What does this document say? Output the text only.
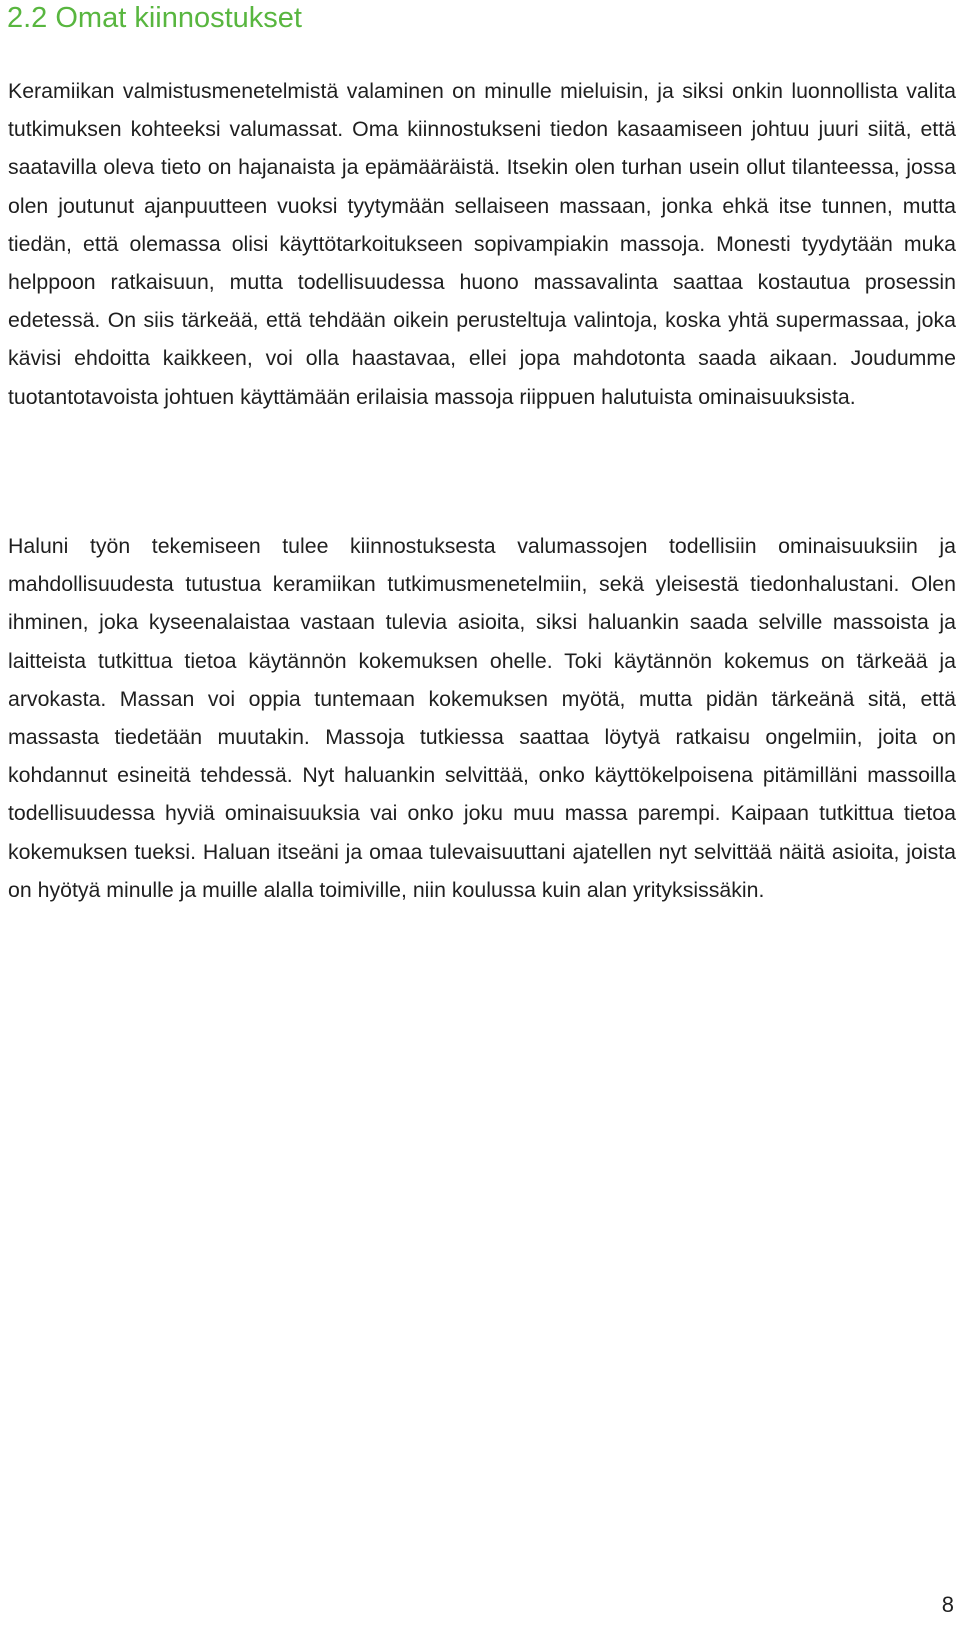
2.2 Omat kiinnostukset

Keramiikan valmistusmenetelmistä valaminen on minulle mieluisin, ja siksi onkin luonnollista valita tutkimuksen kohteeksi valumassat. Oma kiinnostukseni tiedon kasaamiseen johtuu juuri siitä, että saatavilla oleva tieto on hajanaista ja epämääräistä. Itsekin olen turhan usein ollut tilanteessa, jossa olen joutunut ajanpuutteen vuoksi tyytymään sellaiseen massaan, jonka ehkä itse tunnen, mutta tiedän, että olemassa olisi käyttötarkoitukseen sopivampiakin massoja. Monesti tyydytään muka helppoon ratkaisuun, mutta todellisuudessa huono massavalinta saattaa kostautua prosessin edetessä. On siis tärkeää, että tehdään oikein perusteltuja valintoja, koska yhtä supermassaa, joka kävisi ehdoitta kaikkeen, voi olla haastavaa, ellei jopa mahdotonta saada aikaan. Joudumme tuotantotavoista johtuen käyttämään erilaisia massoja riippuen halutuista ominaisuuksista.

Haluni työn tekemiseen tulee kiinnostuksesta valumassojen todellisiin ominaisuuksiin ja mahdollisuudesta tutustua keramiikan tutkimusmenetelmiin, sekä yleisestä tiedonhalustani. Olen ihminen, joka kyseenalaistaa vastaan tulevia asioita, siksi haluankin saada selville massoista ja laitteista tutkittua tietoa käytännön kokemuksen ohelle. Toki käytännön kokemus on tärkeää ja arvokasta. Massan voi oppia tuntemaan kokemuksen myötä, mutta pidän tärkeänä sitä, että massasta tiedetään muutakin. Massoja tutkiessa saattaa löytyä ratkaisu ongelmiin, joita on kohdannut esineitä tehdessä. Nyt haluankin selvittää, onko käyttökelpoisena pitämilläni massoilla todellisuudessa hyviä ominaisuuksia vai onko joku muu massa parempi. Kaipaan tutkittua tietoa kokemuksen tueksi. Haluan itseäni ja omaa tulevaisuuttani ajatellen nyt selvittää näitä asioita, joista on hyötyä minulle ja muille alalla toimiville, niin koulussa kuin alan yrityksissäkin.

8
